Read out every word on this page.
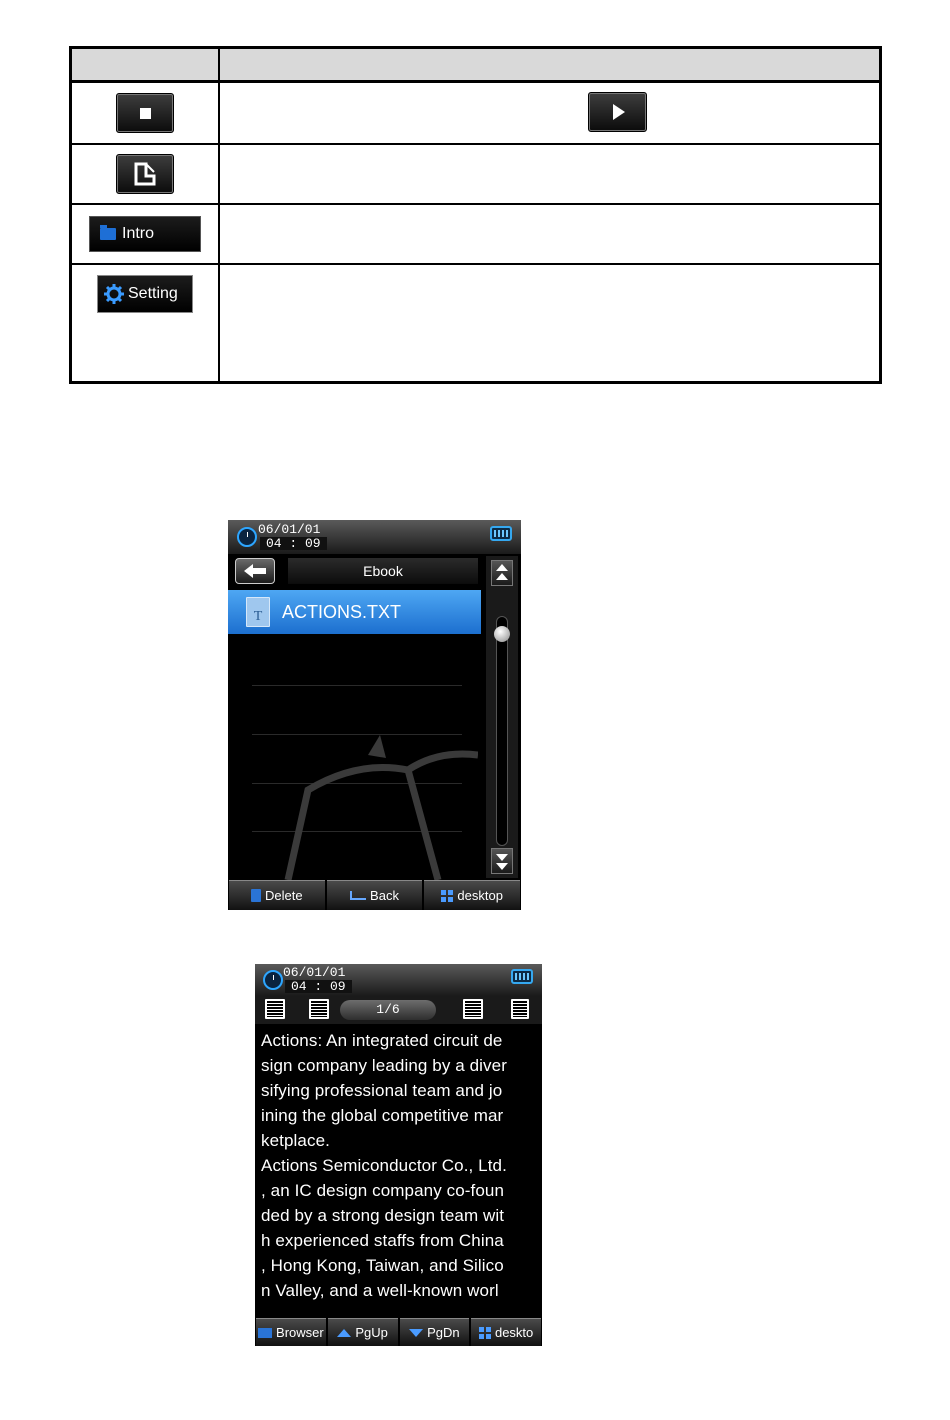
Intro
Setting
06/01/01
04 : 09
Ebook
T	ACTIONS.TXT
Delete	Back	desktop
06/01/01
04 : 09
1/6
Actions: An integrated circuit de
sign company leading by a diver
sifying professional team and jo
ining the global competitive mar
ketplace.
Actions Semiconductor Co., Ltd.
, an IC design company co-foun
ded by a strong design team wit
h experienced staffs from China
, Hong Kong, Taiwan, and Silico
n Valley, and a well-known worl
Browser PgUp	PgDn	deskto
